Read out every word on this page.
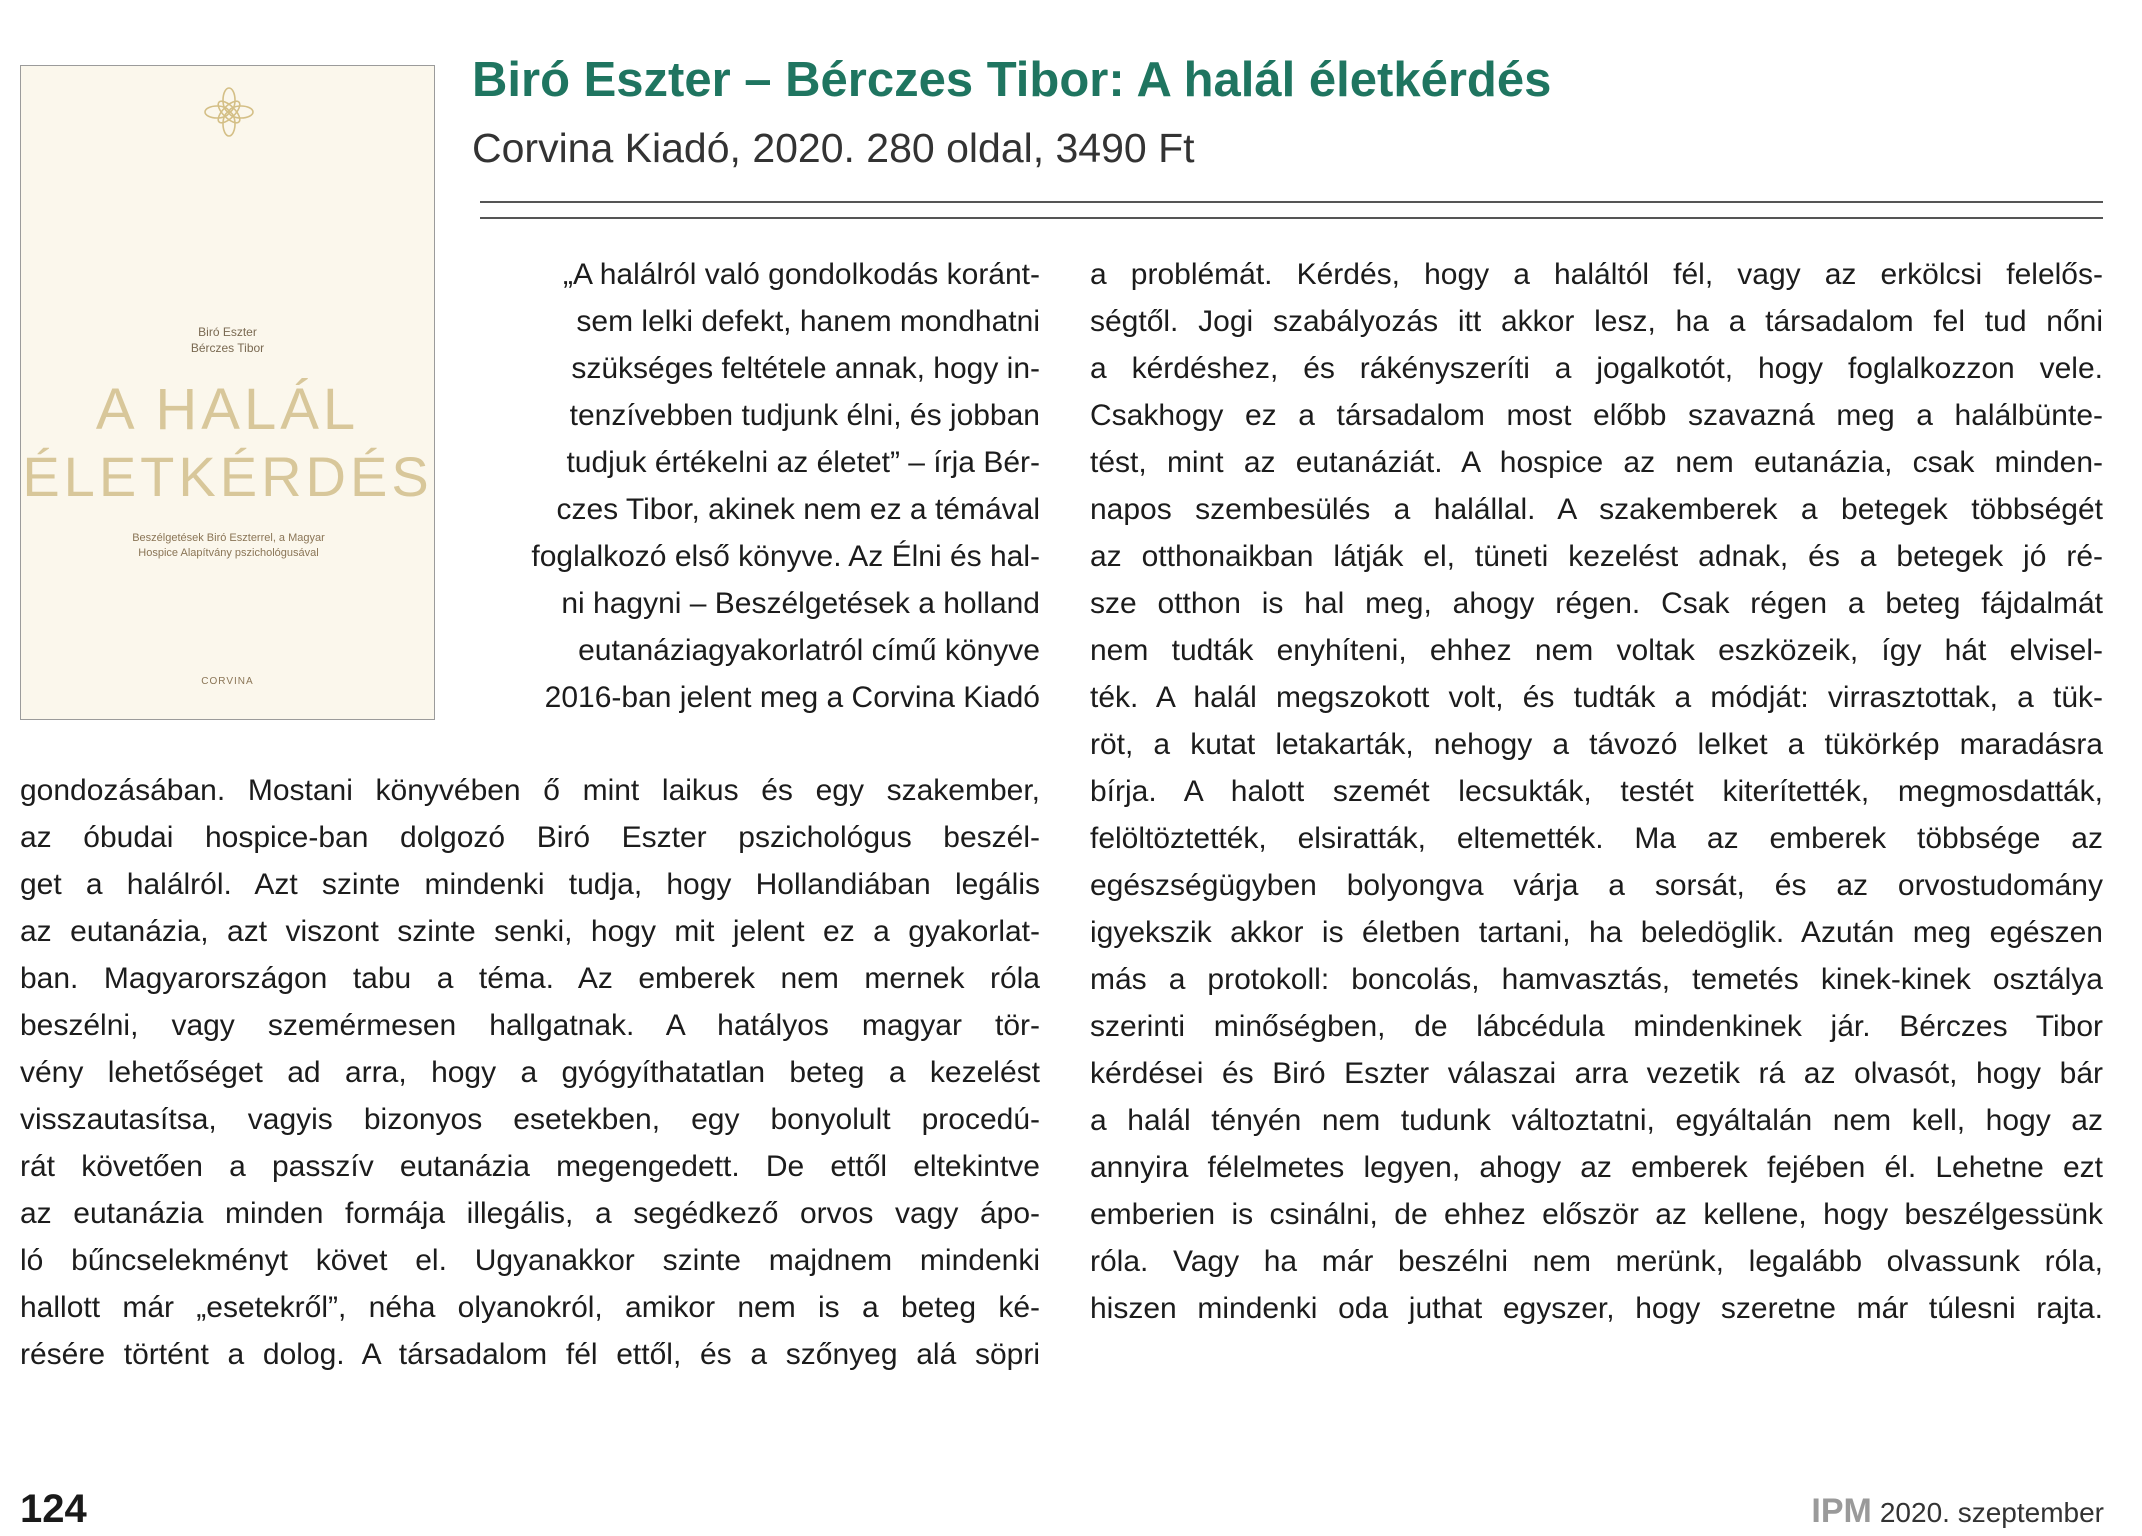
Biró Eszter
Bérczes Tibor
A HALÁL
ÉLETKÉRDÉS
Beszélgetések Biró Eszterrel, a Magyar Hospice Alapítvány pszichológusával
CORVINA
Biró Eszter – Bérczes Tibor: A halál életkérdés
Corvina Kiadó, 2020. 280 oldal, 3490 Ft
„A halálról való gondolkodás koránt-
sem lelki defekt, hanem mondhatni
szükséges feltétele annak, hogy in-
tenzívebben tudjunk élni, és jobban
tudjuk értékelni az életet” – írja Bér-
czes Tibor, akinek nem ez a témával
foglalkozó első könyve. Az Élni és hal-
ni hagyni – Beszélgetések a holland
eutanáziagyakorlatról című könyve
2016-ban jelent meg a Corvina Kiadó
gondozásában. Mostani könyvében ő mint laikus és egy szakember,
az óbudai hospice-ban dolgozó Biró Eszter pszichológus beszél-
get a halálról. Azt szinte mindenki tudja, hogy Hollandiában legális
az eutanázia, azt viszont szinte senki, hogy mit jelent ez a gyakorlat-
ban. Magyarországon tabu a téma. Az emberek nem mernek róla
beszélni, vagy szemérmesen hallgatnak. A hatályos magyar tör-
vény lehetőséget ad arra, hogy a gyógyíthatatlan beteg a kezelést
visszautasítsa, vagyis bizonyos esetekben, egy bonyolult procedú-
rát követően a passzív eutanázia megengedett. De ettől eltekintve
az eutanázia minden formája illegális, a segédkező orvos vagy ápo-
ló bűncselekményt követ el. Ugyanakkor szinte majdnem mindenki
hallott már „esetekről”, néha olyanokról, amikor nem is a beteg ké-
résére történt a dolog. A társadalom fél ettől, és a szőnyeg alá söpri
a problémát. Kérdés, hogy a haláltól fél, vagy az erkölcsi felelős-
ségtől. Jogi szabályozás itt akkor lesz, ha a társadalom fel tud nőni
a kérdéshez, és rákényszeríti a jogalkotót, hogy foglalkozzon vele.
Csakhogy ez a társadalom most előbb szavazná meg a halálbünte-
tést, mint az eutanáziát. A hospice az nem eutanázia, csak minden-
napos szembesülés a halállal. A szakemberek a betegek többségét
az otthonaikban látják el, tüneti kezelést adnak, és a betegek jó ré-
sze otthon is hal meg, ahogy régen. Csak régen a beteg fájdalmát
nem tudták enyhíteni, ehhez nem voltak eszközeik, így hát elvisel-
ték. A halál megszokott volt, és tudták a módját: virrasztottak, a tük-
röt, a kutat letakarták, nehogy a távozó lelket a tükörkép maradásra
bírja. A halott szemét lecsukták, testét kiterítették, megmosdatták,
felöltöztették, elsiratták, eltemették. Ma az emberek többsége az
egészségügyben bolyongva várja a sorsát, és az orvostudomány
igyekszik akkor is életben tartani, ha beledöglik. Azután meg egészen
más a protokoll: boncolás, hamvasztás, temetés kinek-kinek osztálya
szerinti minőségben, de lábcédula mindenkinek jár. Bérczes Tibor
kérdései és Biró Eszter válaszai arra vezetik rá az olvasót, hogy bár
a halál tényén nem tudunk változtatni, egyáltalán nem kell, hogy az
annyira félelmetes legyen, ahogy az emberek fejében él. Lehetne ezt
emberien is csinálni, de ehhez először az kellene, hogy beszélgessünk
róla. Vagy ha már beszélni nem merünk, legalább olvassunk róla,
hiszen mindenki oda juthat egyszer, hogy szeretne már túlesni rajta.
124	IPM 2020. szeptember
